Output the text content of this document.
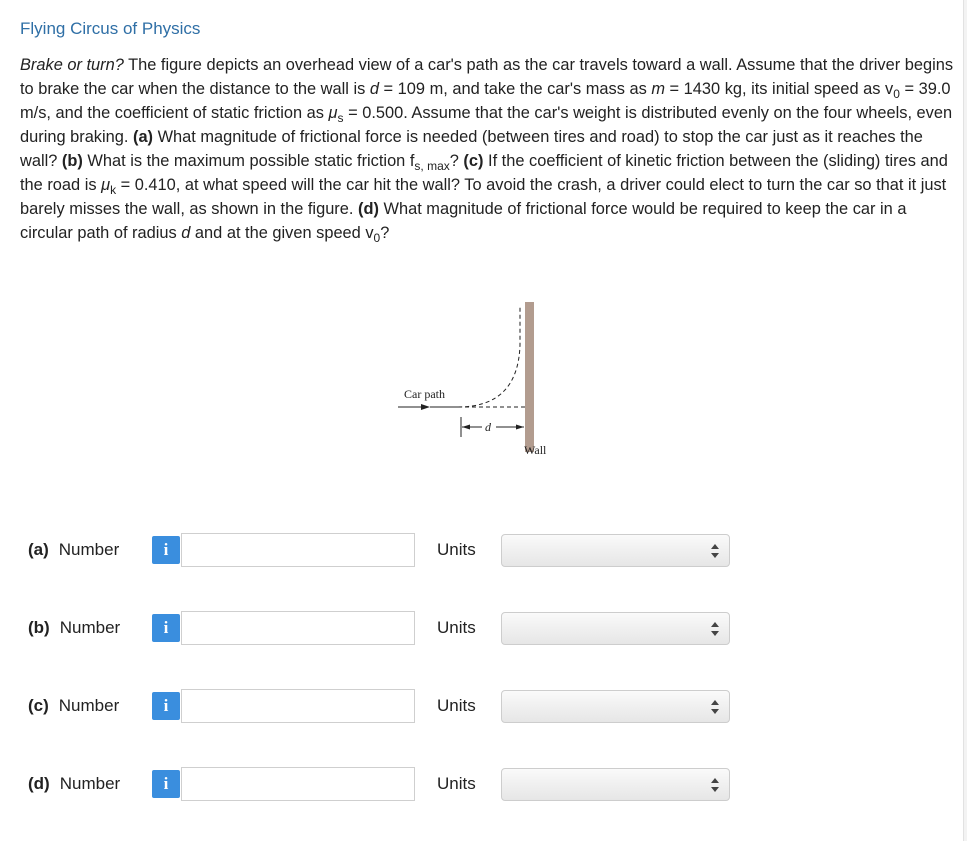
Flying Circus of Physics
Brake or turn? The figure depicts an overhead view of a car's path as the car travels toward a wall. Assume that the driver begins to brake the car when the distance to the wall is d = 109 m, and take the car's mass as m = 1430 kg, its initial speed as $v_0 = 39.0$ m/s, and the coefficient of static friction as $\mu_s = 0.500$. Assume that the car's weight is distributed evenly on the four wheels, even during braking. (a) What magnitude of frictional force is needed (between tires and road) to stop the car just as it reaches the wall? (b) What is the maximum possible static friction $f_{s, max}$? (c) If the coefficient of kinetic friction between the (sliding) tires and the road is $\mu_k = 0.410$, at what speed will the car hit the wall? To avoid the crash, a driver could elect to turn the car so that it just barely misses the wall, as shown in the figure. (d) What magnitude of frictional force would be required to keep the car in a circular path of radius d and at the given speed $v_0$?
d
Car path
Wall
(a) Number	i	Units
(b) Number	i	Units
(c) Number	i	Units
(d) Number	i	Units
